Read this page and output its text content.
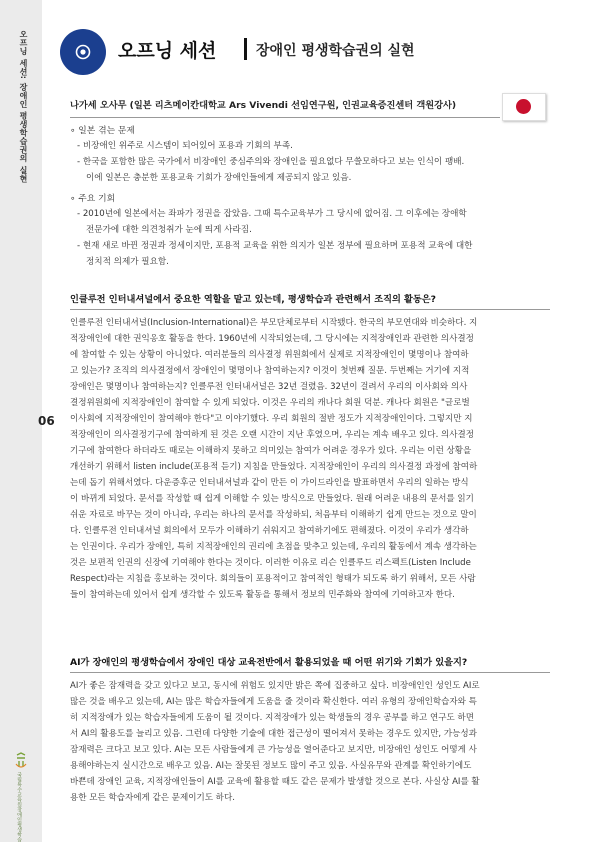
오프닝 세션: 장애인 평생학습권의 실현
국립특수교육원장애인평생학습
06
오프닝 세션	장애인 평생학습권의 실현
나가세 오사무 (일본 리츠메이칸대학교 Ars Vivendi 선임연구원, 인권교육증진센터 객원강사)
∘ 일본 겪는 문제
- 비장애인 위주로 시스템이 되어있어 포용과 기회의 부족.
- 한국을 포함한 많은 국가에서 비장애인 중심주의와 장애인을 필요없다 무쓸모하다고 보는 인식이 팽배.
이에 일본은 충분한 포용교육 기회가 장애인들에게 제공되지 않고 있음.
∘ 주요 기회
- 2010년에 일본에서는 좌파가 정권을 잡았음. 그때 특수교육부가 그 당시에 없어짐. 그 이후에는 장애학
전문가에 대한 의견청취가 눈에 띄게 사라짐.
- 현재 새로 바뀐 정권과 정세이지만, 포용적 교육을 위한 의지가 일본 정부에 필요하며 포용적 교육에 대한
정치적 의제가 필요함.
인클루전 인터내셔널에서 중요한 역할을 맡고 있는데, 평생학습과 관련해서 조직의 활동은?
인클루전 인터내셔널(Inclusion-International)은 부모단체로부터 시작됐다. 한국의 부모연대와 비슷하다. 지
적장애인에 대한 권익옹호 활동을 한다. 1960년에 시작되었는데, 그 당시에는 지적장애인과 관련한 의사결정
에 참여할 수 있는 상황이 아니었다. 여러분들의 의사결정 위원회에서 실제로 지적장애인이 몇명이나 참여하
고 있는가? 조직의 의사결정에서 장애인이 몇명이나 참여하는지? 이것이 첫번째 질문. 두번째는 거기에 지적
장애인은 몇명이나 참여하는지? 인클루전 인터내셔널은 32년 걸렸음. 32년이 걸려서 우리의 이사회와 의사
결정위원회에 지적장애인이 참여할 수 있게 되었다. 이것은 우리의 캐나다 회원 덕분. 캐나다 회원은 "글로벌
이사회에 지적장애인이 참여해야 한다"고 이야기했다. 우리 회원의 절반 정도가 지적장애인이다. 그렇지만 지
적장애인이 의사결정기구에 참여하게 된 것은 오랜 시간이 지난 후였으며, 우리는 계속 배우고 있다. 의사결정
기구에 참여한다 하더라도 때로는 이해하지 못하고 의미있는 참여가 어려운 경우가 있다. 우리는 이런 상황을
개선하기 위해서 listen include(포용적 듣기) 지침을 만들었다. 지적장애인이 우리의 의사결정 과정에 참여하
는데 돕기 위해서였다. 다운증후군 인터내셔널과 같이 만든 이 가이드라인을 발표하면서 우리의 일하는 방식
이 바뀌게 되었다. 문서를 작성할 때 쉽게 이해할 수 있는 방식으로 만들었다. 원래 어려운 내용의 문서를 읽기
쉬운 자료로 바꾸는 것이 아니라, 우리는 하나의 문서를 작성하되, 처음부터 이해하기 쉽게 만드는 것으로 말이
다. 인클루전 인터내셔널 회의에서 모두가 이해하기 쉬워지고 참여하기에도 편해졌다. 이것이 우리가 생각하
는 인권이다. 우리가 장애인, 특히 지적장애인의 권리에 초점을 맞추고 있는데, 우리의 활동에서 계속 생각하는
것은 보편적 인권의 신장에 기여해야 한다는 것이다. 이러한 이유로 리슨 인클루드 리스펙트(Listen Include
Respect)라는 지침을 홍보하는 것이다. 회의들이 포용적이고 참여적인 형태가 되도록 하기 위해서, 모든 사람
들이 참여하는데 있어서 쉽게 생각할 수 있도록 활동을 통해서 정보의 민주화와 참여에 기여하고자 한다.
AI가 장애인의 평생학습에서 장애인 대상 교육전반에서 활용되었을 때 어떤 위기와 기회가 있을지?
AI가 좋은 잠재력을 갖고 있다고 보고, 동시에 위험도 있지만 밝은 쪽에 집중하고 싶다. 비장애인인 성인도 AI로
많은 것을 배우고 있는데, AI는 많은 학습자들에게 도움을 줄 것이라 확신한다. 여러 유형의 장애인학습자와 특
히 지적장애가 있는 학습자들에게 도움이 될 것이다. 지적장애가 있는 학생들의 경우 공부를 하고 연구도 하면
서 AI의 활용도를 늘리고 있음. 그런데 다양한 기술에 대한 접근성이 떨어져서 못하는 경우도 있지만, 가능성과
잠재력은 크다고 보고 있다. AI는 모든 사람들에게 큰 가능성을 열어준다고 보지만, 비장애인 성인도 어떻게 사
용해야하는지 실시간으로 배우고 있음. AI는 잘못된 정보도 많이 주고 있음. 사실유무와 관계를 확인하기에도
바쁜데 장애인 교육, 지적장애인들이 AI를 교육에 활용할 때도 같은 문제가 발생할 것으로 본다. 사실상 AI를 활
용한 모든 학습자에게 같은 문제이기도 하다.
